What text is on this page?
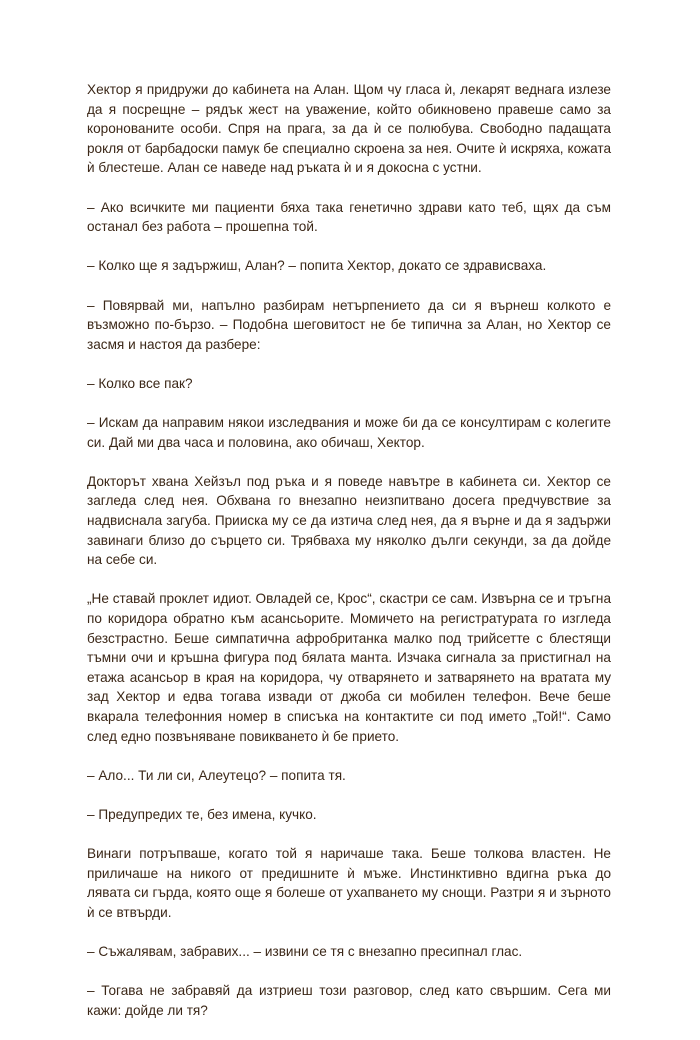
Хектор я придружи до кабинета на Алан. Щом чу гласа ѝ, лекарят веднага излезе да я посрещне – рядък жест на уважение, който обикновено правеше само за коронованите особи. Спря на прага, за да ѝ се полюбува. Свободно падащата рокля от барбадоски памук бе специално скроена за нея. Очите ѝ искряха, кожата ѝ блестеше. Алан се наведе над ръката ѝ и я докосна с устни.

– Ако всичките ми пациенти бяха така генетично здрави като теб, щях да съм останал без работа – прошепна той.

– Колко ще я задържиш, Алан? – попита Хектор, докато се здрависваха.

– Повярвай ми, напълно разбирам нетърпението да си я върнеш колкото е възможно по-бързо. – Подобна шеговитост не бе типична за Алан, но Хектор се засмя и настоя да разбере:

– Колко все пак?

– Искам да направим някои изследвания и може би да се консултирам с колегите си. Дай ми два часа и половина, ако обичаш, Хектор.

Докторът хвана Хейзъл под ръка и я поведе навътре в кабинета си. Хектор се загледа след нея. Обхвана го внезапно неизпитвано досега предчувствие за надвиснала загуба. Прииска му се да изтича след нея, да я върне и да я задържи завинаги близо до сърцето си. Трябваха му няколко дълги секунди, за да дойде на себе си.

„Не ставай проклет идиот. Овладей се, Крос“, скастри се сам. Извърна се и тръгна по коридора обратно към асансьорите. Момичето на регистратурата го изгледа безстрастно. Беше симпатична афробританка малко под трийсетте с блестящи тъмни очи и кръшна фигура под бялата манта. Изчака сигнала за пристигнал на етажа асансьор в края на коридора, чу отварянето и затварянето на вратата му зад Хектор и едва тогава извади от джоба си мобилен телефон. Вече беше вкарала телефонния номер в списъка на контактите си под името „Той!“. Само след едно позвъняване повикването ѝ бе прието.

– Ало... Ти ли си, Алеутецо? – попита тя.

– Предупредих те, без имена, кучко.

Винаги потръпваше, когато той я наричаше така. Беше толкова властен. Не приличаше на никого от предишните ѝ мъже. Инстинктивно вдигна ръка до лявата си гърда, която още я болеше от ухапването му снощи. Разтри я и зърното ѝ се втвърди.

– Съжалявам, забравих... – извини се тя с внезапно пресипнал глас.

– Тогава не забравяй да изтриеш този разговор, след като свършим. Сега ми кажи: дойде ли тя?
